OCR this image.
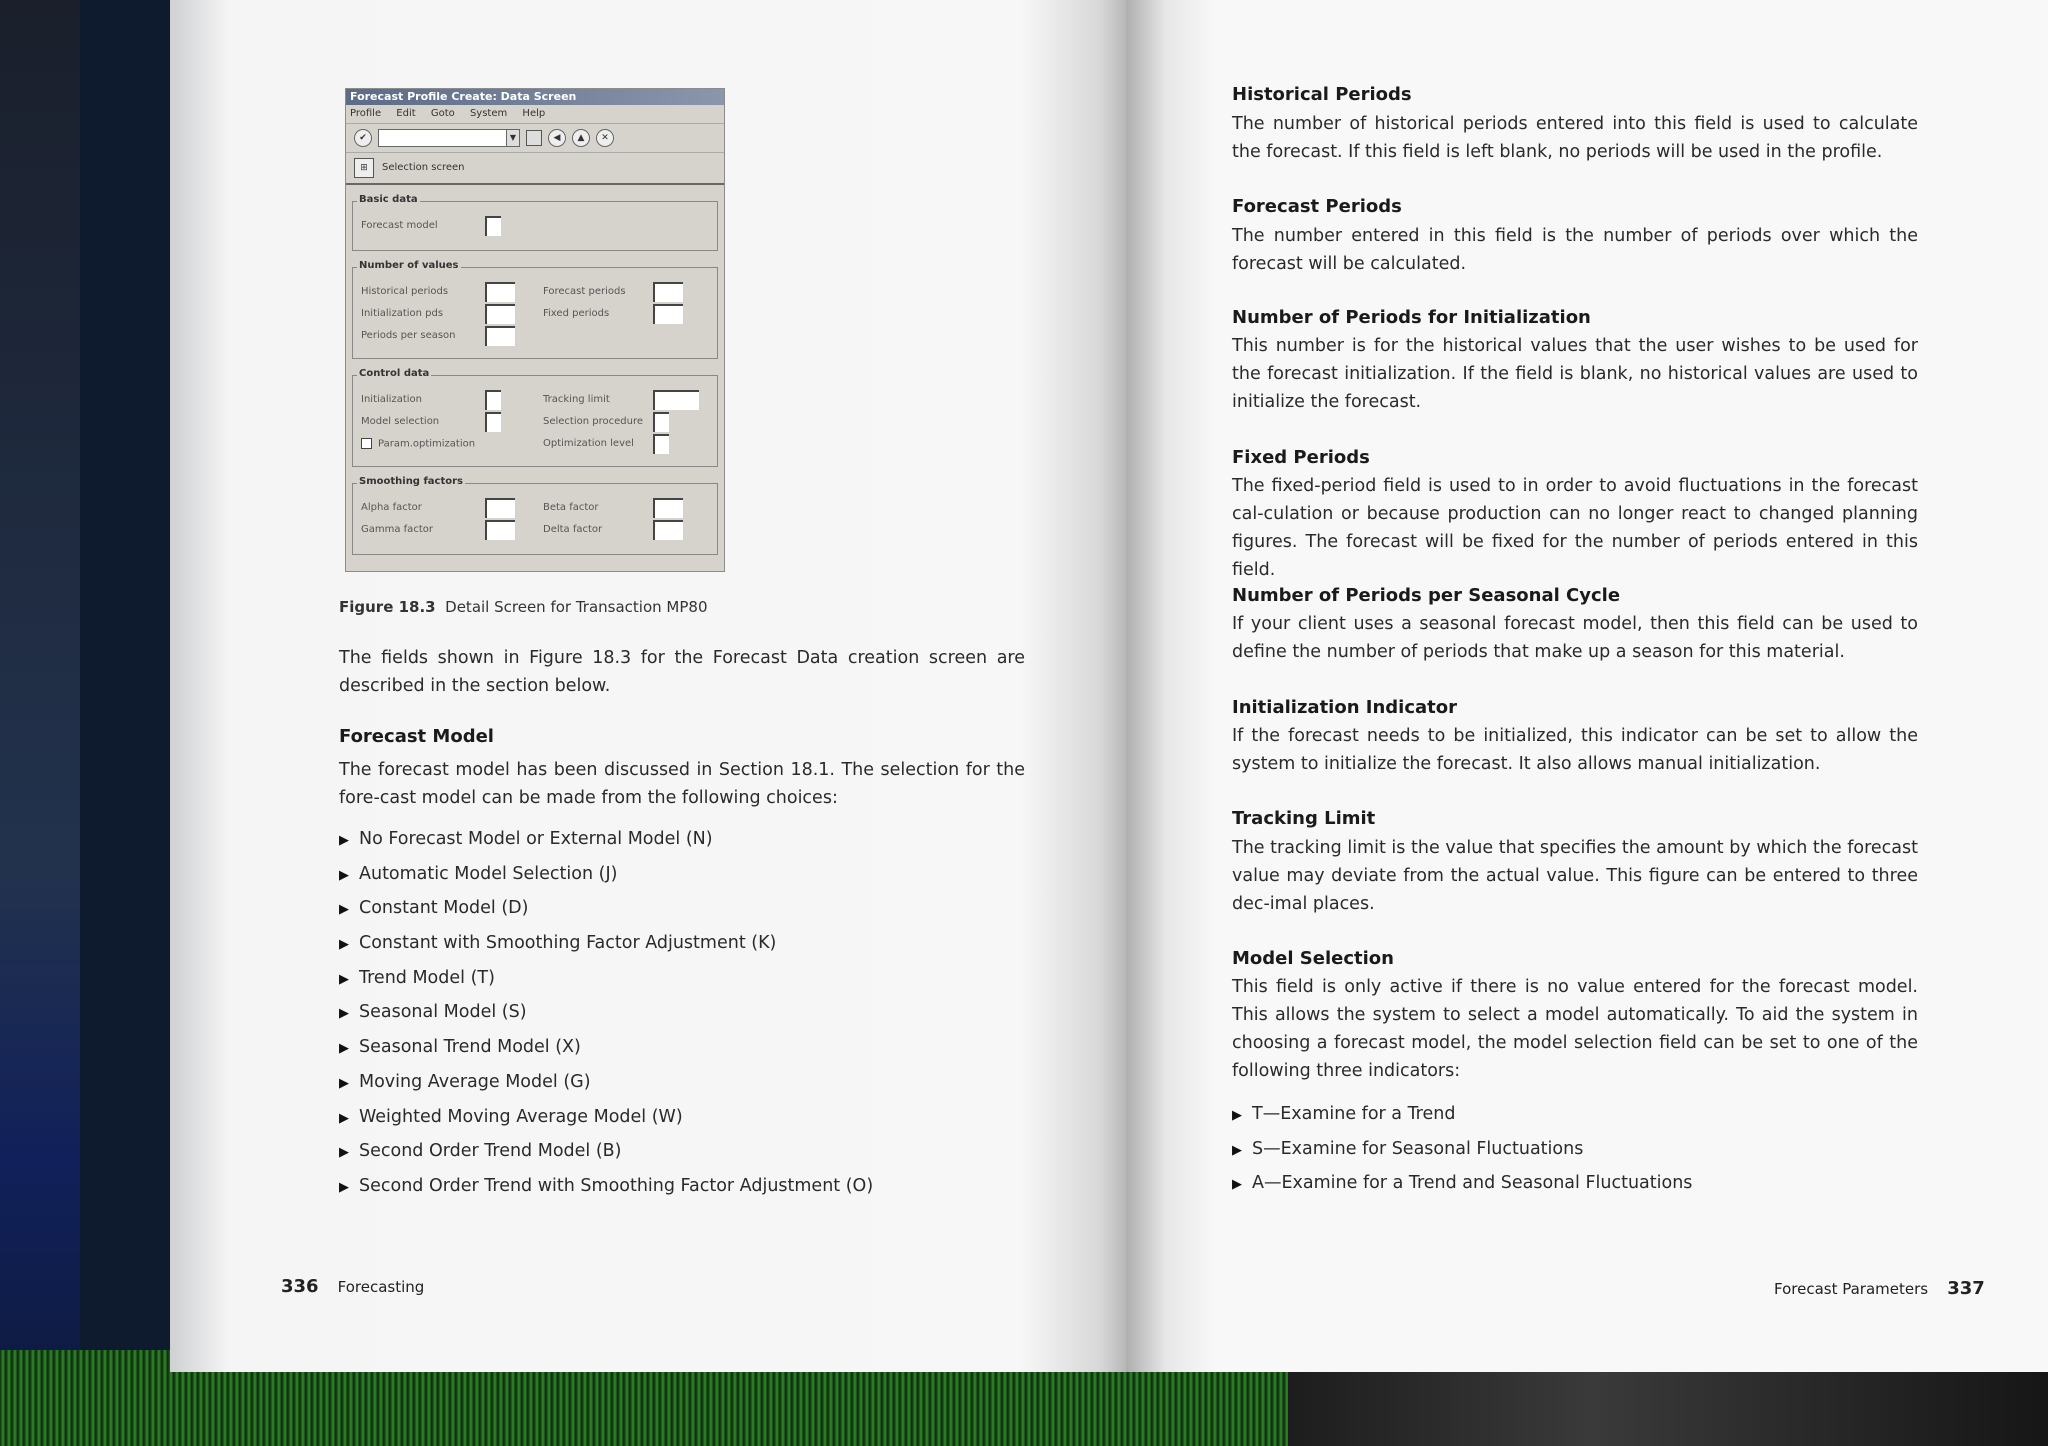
Forecast Profile Create: Data Screen
Profile Edit Goto System Help
✔	▼	◀	▲	✕
⊞	Selection screen
Basic data
Forecast model
Number of values
Historical periods	Forecast periods
Initialization pds	Fixed periods
Periods per season
Control data
Initialization	Tracking limit
Model selection	Selection procedure
Param.optimization	Optimization level
Smoothing factors
Alpha factor	Beta factor
Gamma factor	Delta factor
Figure 18.3 Detail Screen for Transaction MP80
The fields shown in Figure 18.3 for the Forecast Data creation screen are described in the section below.
Forecast Model
The forecast model has been discussed in Section 18.1. The selection for the fore-cast model can be made from the following choices:
▶ No Forecast Model or External Model (N)
▶ Automatic Model Selection (J)
▶ Constant Model (D)
▶ Constant with Smoothing Factor Adjustment (K)
▶ Trend Model (T)
▶ Seasonal Model (S)
▶ Seasonal Trend Model (X)
▶ Moving Average Model (G)
▶ Weighted Moving Average Model (W)
▶ Second Order Trend Model (B)
▶ Second Order Trend with Smoothing Factor Adjustment (O)
336 Forecasting
Historical Periods
The number of historical periods entered into this field is used to calculate the forecast. If this field is left blank, no periods will be used in the profile.
Forecast Periods
The number entered in this field is the number of periods over which the forecast will be calculated.
Number of Periods for Initialization
This number is for the historical values that the user wishes to be used for the forecast initialization. If the field is blank, no historical values are used to initialize the forecast.
Fixed Periods
The fixed-period field is used to in order to avoid fluctuations in the forecast cal-culation or because production can no longer react to changed planning figures. The forecast will be fixed for the number of periods entered in this field.
Number of Periods per Seasonal Cycle
If your client uses a seasonal forecast model, then this field can be used to define the number of periods that make up a season for this material.
Initialization Indicator
If the forecast needs to be initialized, this indicator can be set to allow the system to initialize the forecast. It also allows manual initialization.
Tracking Limit
The tracking limit is the value that specifies the amount by which the forecast value may deviate from the actual value. This figure can be entered to three dec-imal places.
Model Selection
This field is only active if there is no value entered for the forecast model. This allows the system to select a model automatically. To aid the system in choosing a forecast model, the model selection field can be set to one of the following three indicators:
▶ T—Examine for a Trend
▶ S—Examine for Seasonal Fluctuations
▶ A—Examine for a Trend and Seasonal Fluctuations
Forecast Parameters 337
